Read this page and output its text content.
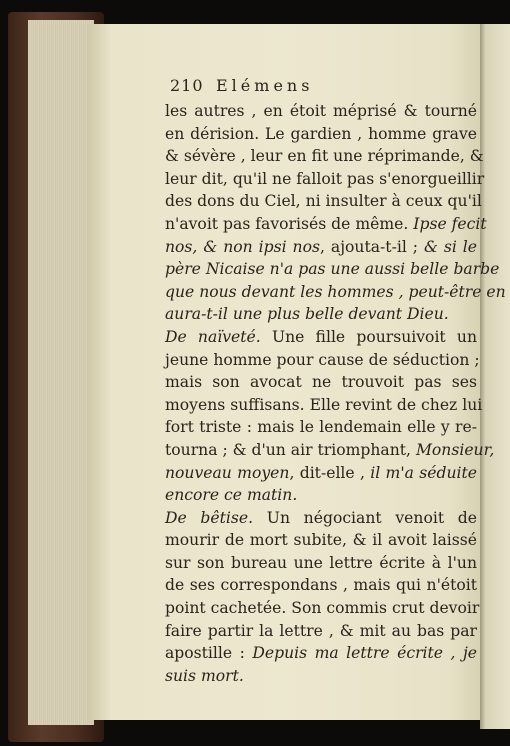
210 Elémens
les autres , en étoit méprisé & tourné
en dérision. Le gardien , homme grave
& sévère , leur en fit une réprimande, &
leur dit, qu'il ne falloit pas s'enorgueillir
des dons du Ciel, ni insulter à ceux qu'il
n'avoit pas favorisés de même. Ipse fecit
nos, & non ipsi nos, ajouta-t-il ; & si le
père Nicaise n'a pas une aussi belle barbe
que nous devant les hommes , peut-être en
aura-t-il une plus belle devant Dieu.
De naïveté. Une fille poursuivoit un
jeune homme pour cause de séduction ;
mais son avocat ne trouvoit pas ses
moyens suffisans. Elle revint de chez lui
fort triste : mais le lendemain elle y re-
tourna ; & d'un air triomphant, Monsieur,
nouveau moyen, dit-elle , il m'a séduite
encore ce matin.
De bêtise. Un négociant venoit de
mourir de mort subite, & il avoit laissé
sur son bureau une lettre écrite à l'un
de ses correspondans , mais qui n'étoit
point cachetée. Son commis crut devoir
faire partir la lettre , & mit au bas par
apostille : Depuis ma lettre écrite , je
suis mort.
